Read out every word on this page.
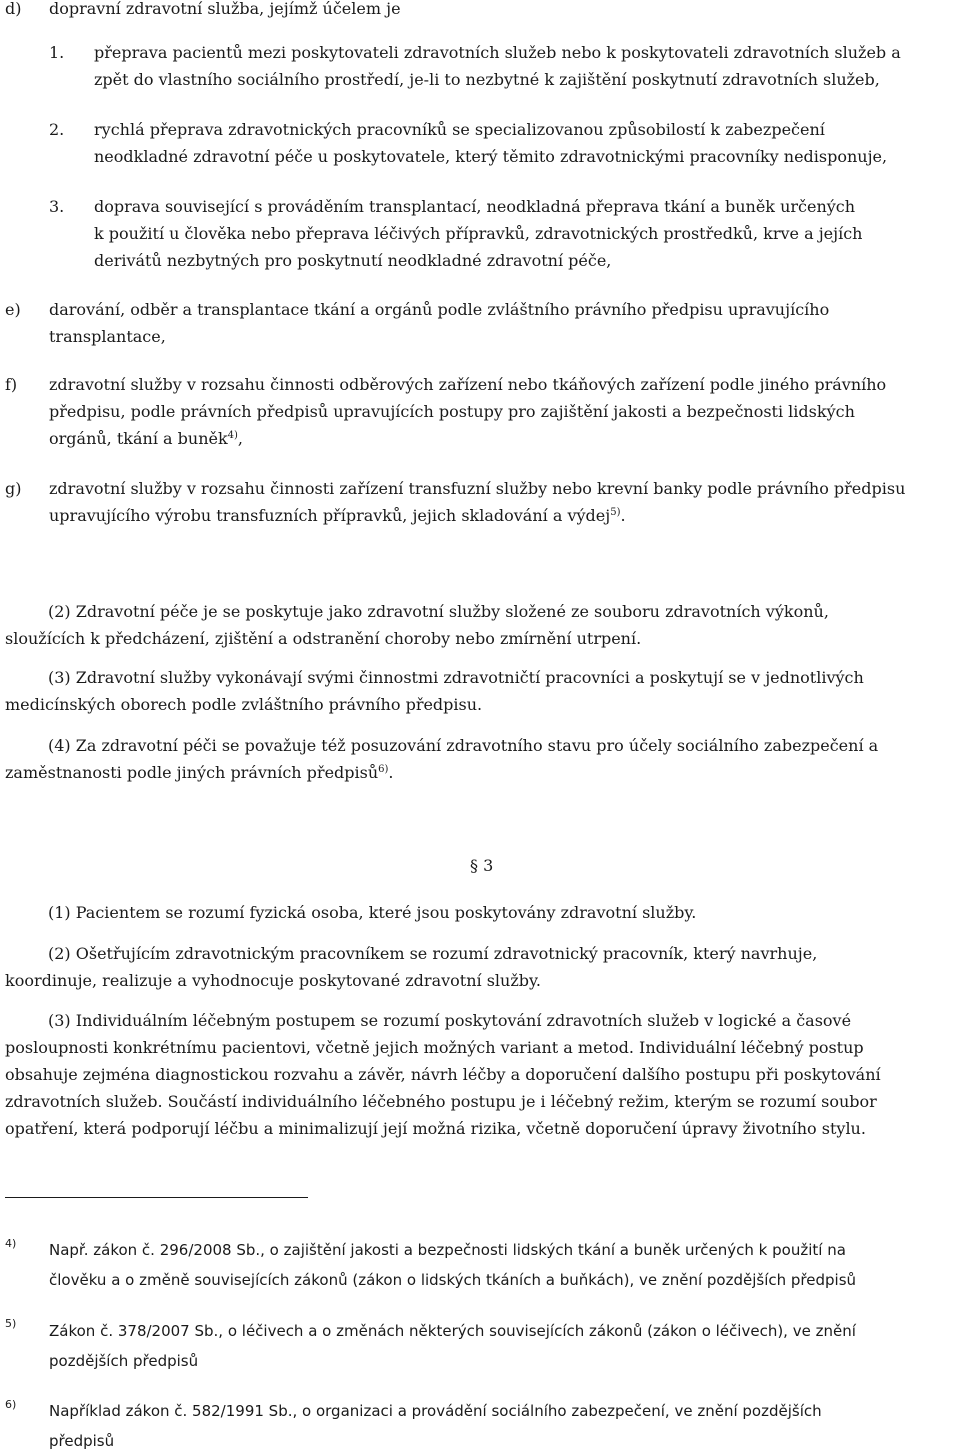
d) dopravní zdravotní služba, jejímž účelem je
1. přeprava pacientů mezi poskytovateli zdravotních služeb nebo k poskytovateli zdravotních služeb a
zpět do vlastního sociálního prostředí, je-li to nezbytné k zajištění poskytnutí zdravotních služeb,
2. rychlá přeprava zdravotnických pracovníků se specializovanou způsobilostí k zabezpečení
neodkladné zdravotní péče u poskytovatele, který těmito zdravotnickými pracovníky nedisponuje,
3. doprava související s prováděním transplantací, neodkladná přeprava tkání a buněk určených
k použití u člověka nebo přeprava léčivých přípravků, zdravotnických prostředků, krve a jejích
derivátů nezbytných pro poskytnutí neodkladné zdravotní péče,
e) darování, odběr a transplantace tkání a orgánů podle zvláštního právního předpisu upravujícího
transplantace,
f) zdravotní služby v rozsahu činnosti odběrových zařízení nebo tkáňových zařízení podle jiného právního
předpisu, podle právních předpisů upravujících postupy pro zajištění jakosti a bezpečnosti lidských
orgánů, tkání a buněk$^{4)}$,
g) zdravotní služby v rozsahu činnosti zařízení transfuzní služby nebo krevní banky podle právního předpisu
upravujícího výrobu transfuzních přípravků, jejich skladování a výdej$^{5)}$.
(2) Zdravotní péče je se poskytuje jako zdravotní služby složené ze souboru zdravotních výkonů,
sloužících k předcházení, zjištění a odstranění choroby nebo zmírnění utrpení.
(3) Zdravotní služby vykonávají svými činnostmi zdravotničtí pracovníci a poskytují se v jednotlivých
medicínských oborech podle zvláštního právního předpisu.
(4) Za zdravotní péči se považuje též posuzování zdravotního stavu pro účely sociálního zabezpečení a
zaměstnanosti podle jiných právních předpisů$^{6)}$.
§ 3
(1) Pacientem se rozumí fyzická osoba, které jsou poskytovány zdravotní služby.
(2) Ošetřujícím zdravotnickým pracovníkem se rozumí zdravotnický pracovník, který navrhuje,
koordinuje, realizuje a vyhodnocuje poskytované zdravotní služby.
(3) Individuálním léčebným postupem se rozumí poskytování zdravotních služeb v logické a časové
posloupnosti konkrétnímu pacientovi, včetně jejich možných variant a metod. Individuální léčebný postup
obsahuje zejména diagnostickou rozvahu a závěr, návrh léčby a doporučení dalšího postupu při poskytování
zdravotních služeb. Součástí individuálního léčebného postupu je i léčebný režim, kterým se rozumí soubor
opatření, která podporují léčbu a minimalizují její možná rizika, včetně doporučení úpravy životního stylu.
4) Např. zákon č. 296/2008 Sb., o zajištění jakosti a bezpečnosti lidských tkání a buněk určených k použití na
člověku a o změně souvisejících zákonů (zákon o lidských tkáních a buňkách), ve znění pozdějších předpisů
5) Zákon č. 378/2007 Sb., o léčivech a o změnách některých souvisejících zákonů (zákon o léčivech), ve znění
pozdějších předpisů
6) Například zákon č. 582/1991 Sb., o organizaci a provádění sociálního zabezpečení, ve znění pozdějších
předpisů
